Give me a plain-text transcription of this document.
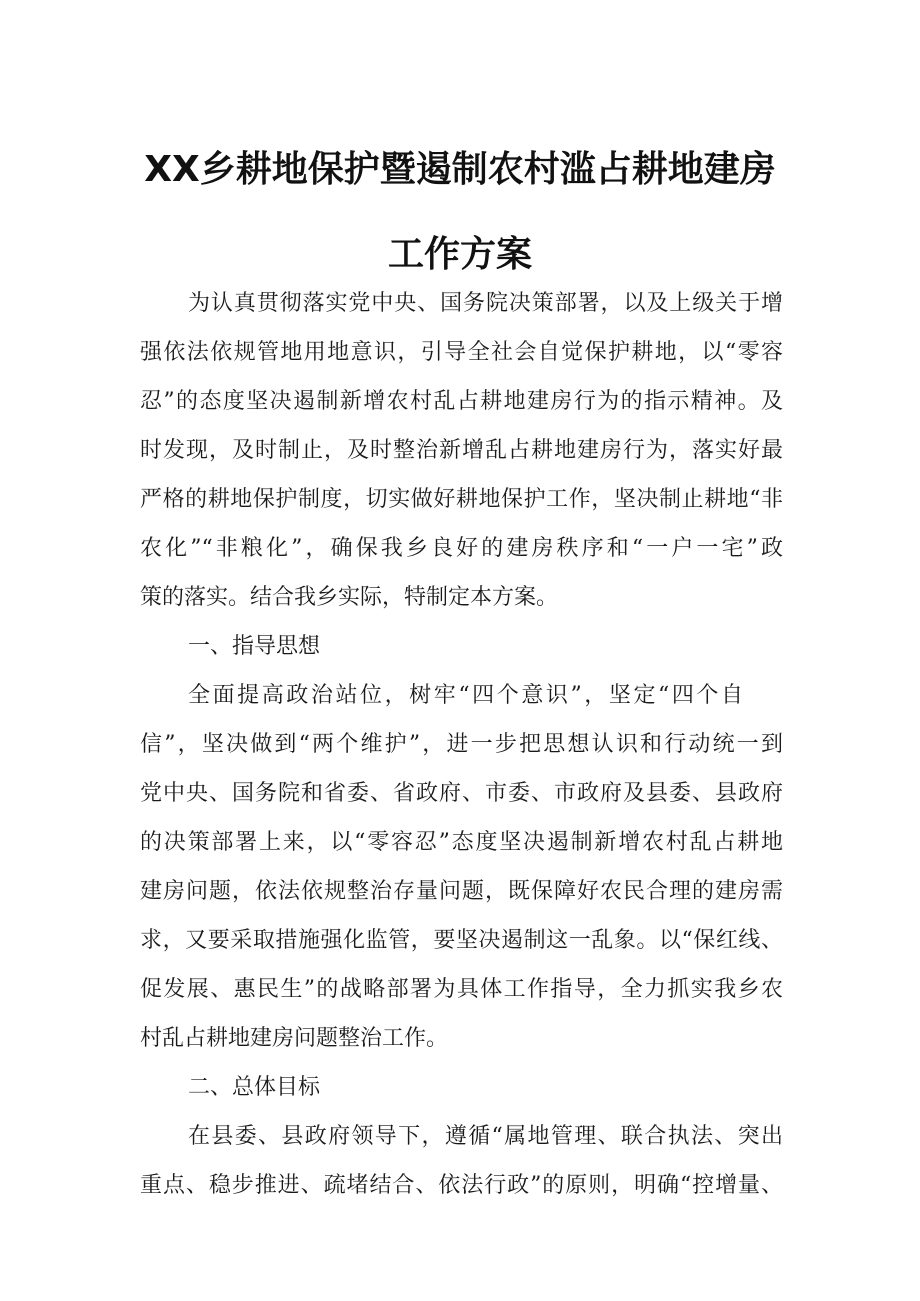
XX乡耕地保护暨遏制农村滥占耕地建房
工作方案
为认真贯彻落实党中央、国务院决策部署，以及上级关于增
强依法依规管地用地意识，引导全社会自觉保护耕地，以“零容
忍”的态度坚决遏制新增农村乱占耕地建房行为的指示精神。及
时发现，及时制止，及时整治新增乱占耕地建房行为，落实好最
严格的耕地保护制度，切实做好耕地保护工作，坚决制止耕地“非
农化”“非粮化”，确保我乡良好的建房秩序和“一户一宅”政
策的落实。结合我乡实际，特制定本方案。
一、指导思想
全面提高政治站位，树牢“四个意识”，坚定“四个自
信”，坚决做到“两个维护”，进一步把思想认识和行动统一到
党中央、国务院和省委、省政府、市委、市政府及县委、县政府
的决策部署上来，以“零容忍”态度坚决遏制新增农村乱占耕地
建房问题，依法依规整治存量问题，既保障好农民合理的建房需
求，又要采取措施强化监管，要坚决遏制这一乱象。以“保红线、
促发展、惠民生”的战略部署为具体工作指导，全力抓实我乡农
村乱占耕地建房问题整治工作。
二、总体目标
在县委、县政府领导下，遵循“属地管理、联合执法、突出
重点、稳步推进、疏堵结合、依法行政”的原则，明确“控增量、
